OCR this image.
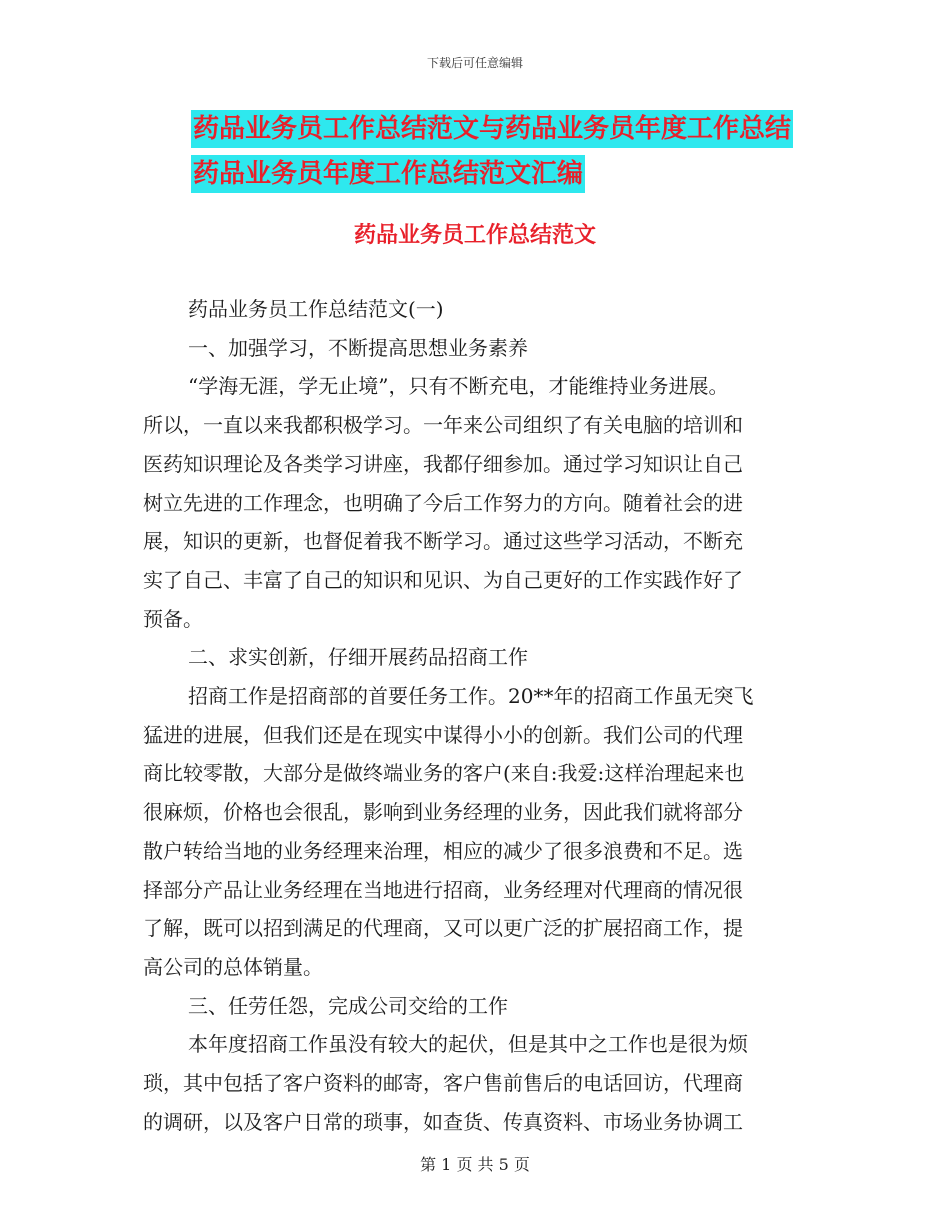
下载后可任意编辑
药品业务员工作总结范文与药品业务员年度工作总结
药品业务员年度工作总结范文汇编
药品业务员工作总结范文

药品业务员工作总结范文(一)

一、加强学习，不断提高思想业务素养

“学海无涯，学无止境”，只有不断充电，才能维持业务进展。

所以，一直以来我都积极学习。一年来公司组织了有关电脑的培训和

医药知识理论及各类学习讲座，我都仔细参加。通过学习知识让自己

树立先进的工作理念，也明确了今后工作努力的方向。随着社会的进

展，知识的更新，也督促着我不断学习。通过这些学习活动，不断充

实了自己、丰富了自己的知识和见识、为自己更好的工作实践作好了

预备。

二、求实创新，仔细开展药品招商工作

招商工作是招商部的首要任务工作。20**年的招商工作虽无突飞

猛进的进展，但我们还是在现实中谋得小小的创新。我们公司的代理

商比较零散，大部分是做终端业务的客户(来自:我爱:这样治理起来也

很麻烦，价格也会很乱，影响到业务经理的业务，因此我们就将部分

散户转给当地的业务经理来治理，相应的减少了很多浪费和不足。选

择部分产品让业务经理在当地进行招商，业务经理对代理商的情况很

了解，既可以招到满足的代理商，又可以更广泛的扩展招商工作，提

高公司的总体销量。

三、任劳任怨，完成公司交给的工作

本年度招商工作虽没有较大的起伏，但是其中之工作也是很为烦

琐，其中包括了客户资料的邮寄，客户售前售后的电话回访，代理商

的调研，以及客户日常的琐事，如查货、传真资料、市场业务协调工

第 1 页 共 5 页
